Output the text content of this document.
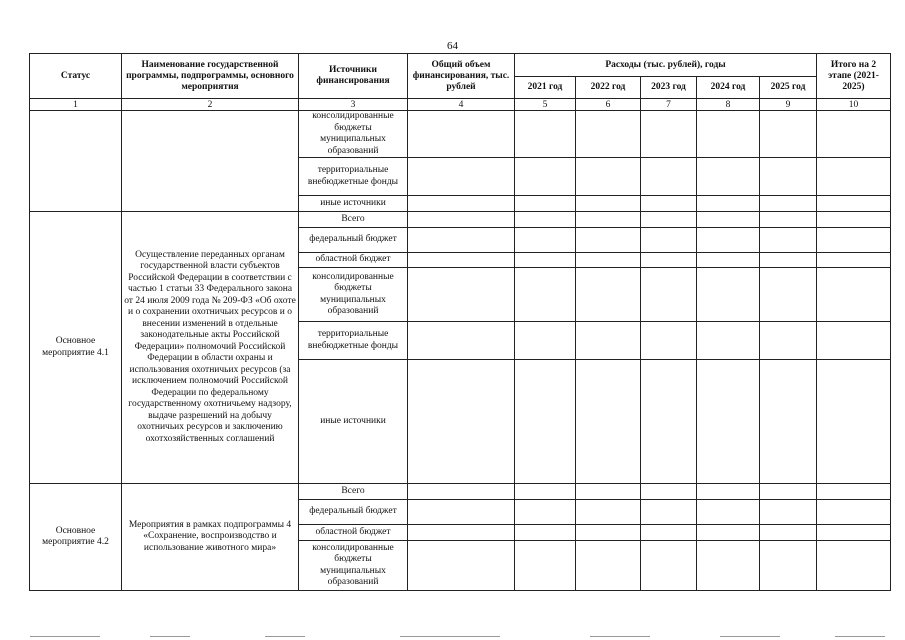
64
Статус	Наименование государственной программы, подпрограммы, основного мероприятия	Источники финансирования	Общий объем финансирования, тыс. рублей	Расходы (тыс. рублей), годы					Итого на 2 этапе (2021-2025)
				2021 год	2022 год	2023 год	2024 год	2025 год	
1	2	3	4	5	6	7	8	9	10
		консолидированные бюджеты муниципальных образований							
		территориальные внебюджетные фонды							
		иные источники							
Основное мероприятие 4.1	Осуществление переданных органам государственной власти субъектов Российской Федерации в соответствии с частью 1 статьи 33 Федерального закона от 24 июля 2009 года № 209-ФЗ «Об охоте и о сохранении охотничьих ресурсов и о внесении изменений в отдельные законодательные акты Российской Федерации» полномочий Российской Федерации в области охраны и использования охотничьих ресурсов (за исключением полномочий Российской Федерации по федеральному государственному охотничьему надзору, выдаче разрешений на добычу охотничьих ресурсов и заключению охотхозяйственных соглашений	Всего							
		федеральный бюджет							
		областной бюджет							
		консолидированные бюджеты муниципальных образований							
		территориальные внебюджетные фонды							
		иные источники							
Основное мероприятие 4.2	Мероприятия в рамках подпрограммы 4 «Сохранение, воспроизводство и использование животного мира»	Всего							
		федеральный бюджет							
		областной бюджет							
		консолидированные бюджеты муниципальных образований							
